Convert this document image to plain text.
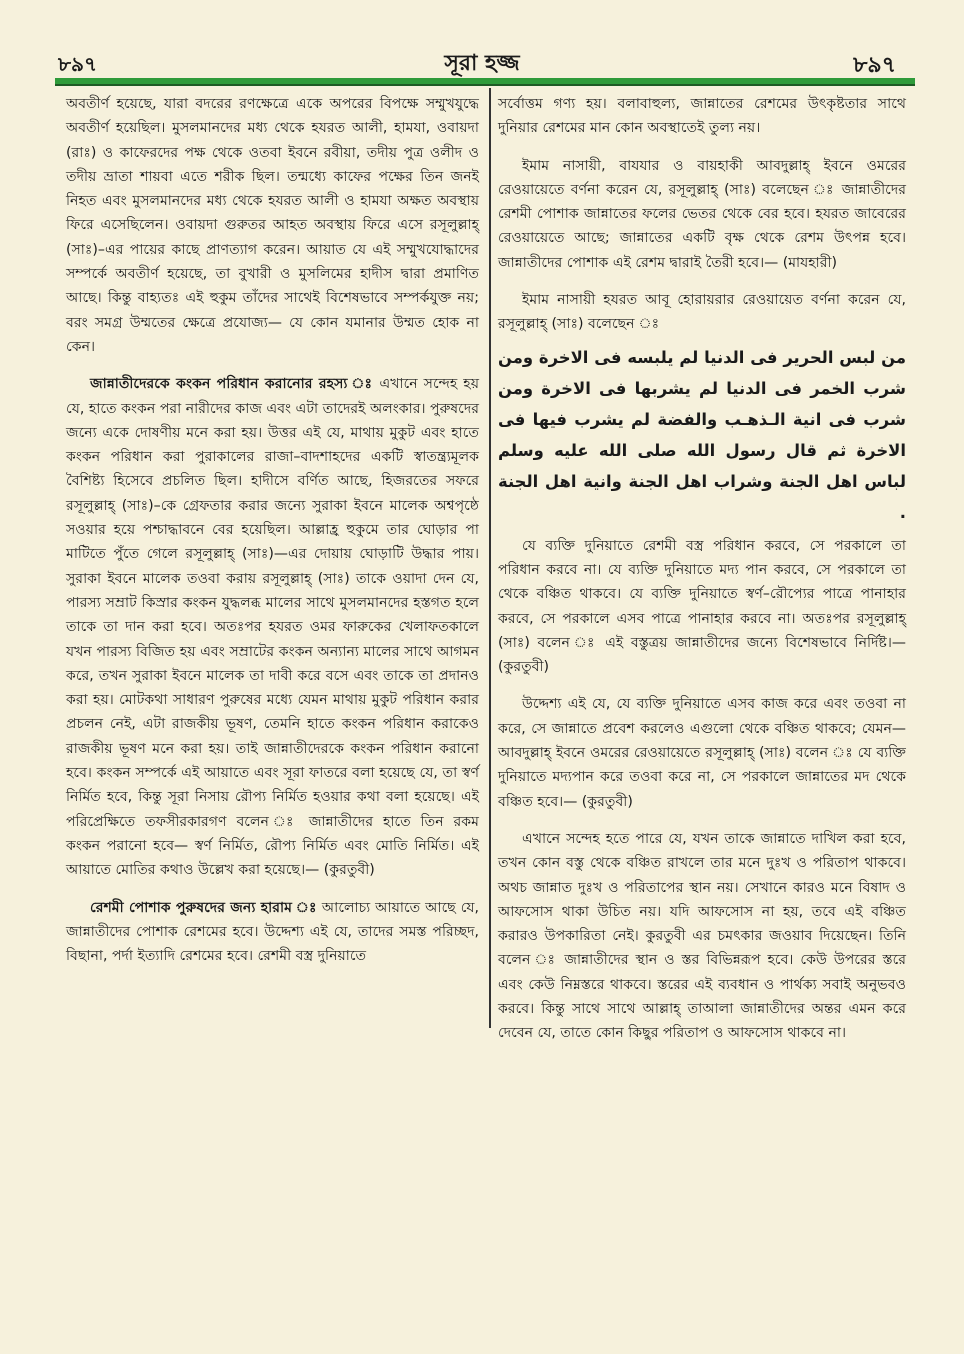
৮৯৭	সূরা হজ্জ	৮৯৭

অবতীর্ণ হয়েছে, যারা বদরের রণক্ষেত্রে একে অপরের বিপক্ষে সম্মুখযুদ্ধে অবতীর্ণ হয়েছিল। মুসলমানদের মধ্য থেকে হযরত আলী, হামযা, ওবায়দা (রাঃ) ও কাফেরদের পক্ষ থেকে ওতবা ইবনে রবীয়া, তদীয় পুত্র ওলীদ ও তদীয় ভ্রাতা শায়বা এতে শরীক ছিল। তন্মধ্যে কাফের পক্ষের তিন জনই নিহত এবং মুসলমানদের মধ্য থেকে হযরত আলী ও হামযা অক্ষত অবস্থায় ফিরে এসেছিলেন। ওবায়দা গুরুতর আহত অবস্থায় ফিরে এসে রসূলুল্লাহ্ (সাঃ)–এর পায়ের কাছে প্রাণত্যাগ করেন। আয়াত যে এই সম্মুখযোদ্ধাদের সম্পর্কে অবতীর্ণ হয়েছে, তা বুখারী ও মুসলিমের হাদীস দ্বারা প্রমাণিত আছে। কিন্তু বাহ্যতঃ এই হুকুম তাঁদের সাথেই বিশেষভাবে সম্পর্কযুক্ত নয়; বরং সমগ্র উম্মতের ক্ষেত্রে প্রযোজ্য— যে কোন যমানার উম্মত হোক না কেন।

জান্নাতীদেরকে কংকন পরিধান করানোর রহস্য ঃ এখানে সন্দেহ হয় যে, হাতে কংকন পরা নারীদের কাজ এবং এটা তাদেরই অলংকার। পুরুষদের জন্যে একে দোষণীয় মনে করা হয়। উত্তর এই যে, মাথায় মুকুট এবং হাতে কংকন পরিধান করা পুরাকালের রাজা–বাদশাহদের একটি স্বাতন্ত্র্যমূলক বৈশিষ্ট্য হিসেবে প্রচলিত ছিল। হাদীসে বর্ণিত আছে, হিজরতের সফরে রসূলুল্লাহ্ (সাঃ)–কে গ্রেফতার করার জন্যে সুরাকা ইবনে মালেক অশ্বপৃষ্ঠে সওয়ার হয়ে পশ্চাদ্ধাবনে বের হয়েছিল। আল্লাহ্র হুকুমে তার ঘোড়ার পা মাটিতে পুঁতে গেলে রসূলুল্লাহ্ (সাঃ)—এর দোয়ায় ঘোড়াটি উদ্ধার পায়। সুরাকা ইবনে মালেক তওবা করায় রসূলুল্লাহ্ (সাঃ) তাকে ওয়াদা দেন যে, পারস্য সম্রাট কিস্রার কংকন যুদ্ধলব্ধ মালের সাথে মুসলমানদের হস্তগত হলে তাকে তা দান করা হবে। অতঃপর হযরত ওমর ফারুকের খেলাফতকালে যখন পারস্য বিজিত হয় এবং সম্রাটের কংকন অন্যান্য মালের সাথে আগমন করে, তখন সুরাকা ইবনে মালেক তা দাবী করে বসে এবং তাকে তা প্রদানও করা হয়। মোটকথা সাধারণ পুরুষের মধ্যে যেমন মাথায় মুকুট পরিধান করার প্রচলন নেই, এটা রাজকীয় ভূষণ, তেমনি হাতে কংকন পরিধান করাকেও রাজকীয় ভূষণ মনে করা হয়। তাই জান্নাতীদেরকে কংকন পরিধান করানো হবে। কংকন সম্পর্কে এই আয়াতে এবং সূরা ফাতরে বলা হয়েছে যে, তা স্বর্ণ নির্মিত হবে, কিন্তু সূরা নিসায় রৌপ্য নির্মিত হওয়ার কথা বলা হয়েছে। এই পরিপ্রেক্ষিতে তফসীরকারগণ বলেন ঃ জান্নাতীদের হাতে তিন রকম কংকন পরানো হবে— স্বর্ণ নির্মিত, রৌপ্য নির্মিত এবং মোতি নির্মিত। এই আয়াতে মোতির কথাও উল্লেখ করা হয়েছে।— (কুরতুবী)

রেশমী পোশাক পুরুষদের জন্য হারাম ঃ আলোচ্য আয়াতে আছে যে, জান্নাতীদের পোশাক রেশমের হবে। উদ্দেশ্য এই যে, তাদের সমস্ত পরিচ্ছদ, বিছানা, পর্দা ইত্যাদি রেশমের হবে। রেশমী বস্ত্র দুনিয়াতে

সর্বোত্তম গণ্য হয়। বলাবাহুল্য, জান্নাতের রেশমের উৎকৃষ্টতার সাথে দুনিয়ার রেশমের মান কোন অবস্থাতেই তুল্য নয়।

ইমাম নাসায়ী, বাযযার ও বায়হাকী আবদুল্লাহ্ ইবনে ওমরের রেওয়ায়েতে বর্ণনা করেন যে, রসূলুল্লাহ্ (সাঃ) বলেছেন ঃ জান্নাতীদের রেশমী পোশাক জান্নাতের ফলের ভেতর থেকে বের হবে। হযরত জাবেরের রেওয়ায়েতে আছে; জান্নাতের একটি বৃক্ষ থেকে রেশম উৎপন্ন হবে। জান্নাতীদের পোশাক এই রেশম দ্বারাই তৈরী হবে।— (মাযহারী)

ইমাম নাসায়ী হযরত আবূ হোরায়রার রেওয়ায়েত বর্ণনা করেন যে, রসূলুল্লাহ্ (সাঃ) বলেছেন ঃ

من لبس الحرير فى الدنيا لم يلبسه فى الاخرة ومن شرب الخمر فى الدنيا لم يشربها فى الاخرة ومن شرب فى انية الـذهـب والفضة لم يشرب فيها فى الاخرة ثم قال رسول الله صلى الله عليه وسلم لباس اهل الجنة وشراب اهل الجنة وانية اهل الجنة .

যে ব্যক্তি দুনিয়াতে রেশমী বস্ত্র পরিধান করবে, সে পরকালে তা পরিধান করবে না। যে ব্যক্তি দুনিয়াতে মদ্য পান করবে, সে পরকালে তা থেকে বঞ্চিত থাকবে। যে ব্যক্তি দুনিয়াতে স্বর্ণ–রৌপ্যের পাত্রে পানাহার করবে, সে পরকালে এসব পাত্রে পানাহার করবে না। অতঃপর রসূলুল্লাহ্ (সাঃ) বলেন ঃ এই বস্তুত্রয় জান্নাতীদের জন্যে বিশেষভাবে নির্দিষ্ট।— (কুরতুবী)

উদ্দেশ্য এই যে, যে ব্যক্তি দুনিয়াতে এসব কাজ করে এবং তওবা না করে, সে জান্নাতে প্রবেশ করলেও এগুলো থেকে বঞ্চিত থাকবে; যেমন— আবদুল্লাহ্ ইবনে ওমরের রেওয়ায়েতে রসূলুল্লাহ্ (সাঃ) বলেন ঃ যে ব্যক্তি দুনিয়াতে মদ্যপান করে তওবা করে না, সে পরকালে জান্নাতের মদ থেকে বঞ্চিত হবে।— (কুরতুবী)

এখানে সন্দেহ হতে পারে যে, যখন তাকে জান্নাতে দাখিল করা হবে, তখন কোন বস্তু থেকে বঞ্চিত রাখলে তার মনে দুঃখ ও পরিতাপ থাকবে। অথচ জান্নাত দুঃখ ও পরিতাপের স্থান নয়। সেখানে কারও মনে বিষাদ ও আফসোস থাকা উচিত নয়। যদি আফসোস না হয়, তবে এই বঞ্চিত করারও উপকারিতা নেই। কুরতুবী এর চমৎকার জওয়াব দিয়েছেন। তিনি বলেন ঃ জান্নাতীদের স্থান ও স্তর বিভিন্নরূপ হবে। কেউ উপরের স্তরে এবং কেউ নিম্নস্তরে থাকবে। স্তরের এই ব্যবধান ও পার্থক্য সবাই অনুভবও করবে। কিন্তু সাথে সাথে আল্লাহ্ তাআলা জান্নাতীদের অন্তর এমন করে দেবেন যে, তাতে কোন কিছুর পরিতাপ ও আফসোস থাকবে না।
